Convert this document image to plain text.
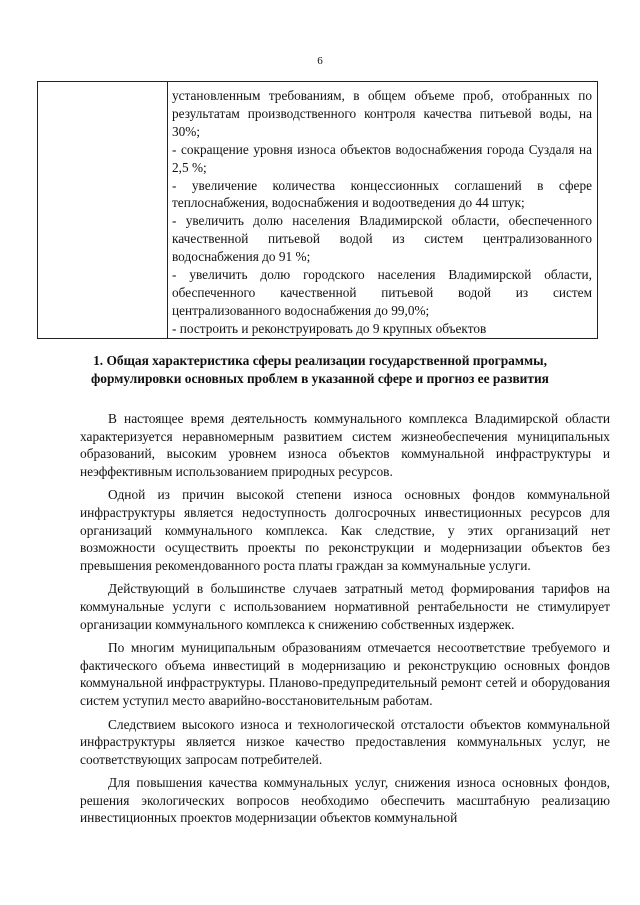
6

установленным требованиям, в общем объеме проб, отобранных по результатам производственного контроля качества питьевой воды, на 30%;

- сокращение уровня износа объектов водоснабжения города Суздаля на 2,5 %;

- увеличение количества концессионных соглашений в сфере теплоснабжения, водоснабжения и водоотведения до 44 штук;

- увеличить долю населения Владимирской области, обеспеченного качественной питьевой водой из систем централизованного водоснабжения до 91 %;

- увеличить долю городского населения Владимирской области, обеспеченного качественной питьевой водой из систем централизованного водоснабжения до 99,0%;

- построить и реконструировать до 9 крупных объектов

1. Общая характеристика сферы реализации государственной программы, формулировки основных проблем в указанной сфере и прогноз ее развития

В настоящее время деятельность коммунального комплекса Владимирской области характеризуется неравномерным развитием систем жизнеобеспечения муниципальных образований, высоким уровнем износа объектов коммунальной инфраструктуры и неэффективным использованием природных ресурсов.

Одной из причин высокой степени износа основных фондов коммунальной инфраструктуры является недоступность долгосрочных инвестиционных ресурсов для организаций коммунального комплекса. Как следствие, у этих организаций нет возможности осуществить проекты по реконструкции и модернизации объектов без превышения рекомендованного роста платы граждан за коммунальные услуги.

Действующий в большинстве случаев затратный метод формирования тарифов на коммунальные услуги с использованием нормативной рентабельности не стимулирует организации коммунального комплекса к снижению собственных издержек.

По многим муниципальным образованиям отмечается несоответствие требуемого и фактического объема инвестиций в модернизацию и реконструкцию основных фондов коммунальной инфраструктуры. Планово-предупредительный ремонт сетей и оборудования систем уступил место аварийно-восстановительным работам.

Следствием высокого износа и технологической отсталости объектов коммунальной инфраструктуры является низкое качество предоставления коммунальных услуг, не соответствующих запросам потребителей.

Для повышения качества коммунальных услуг, снижения износа основных фондов, решения экологических вопросов необходимо обеспечить масштабную реализацию инвестиционных проектов модернизации объектов коммунальной
